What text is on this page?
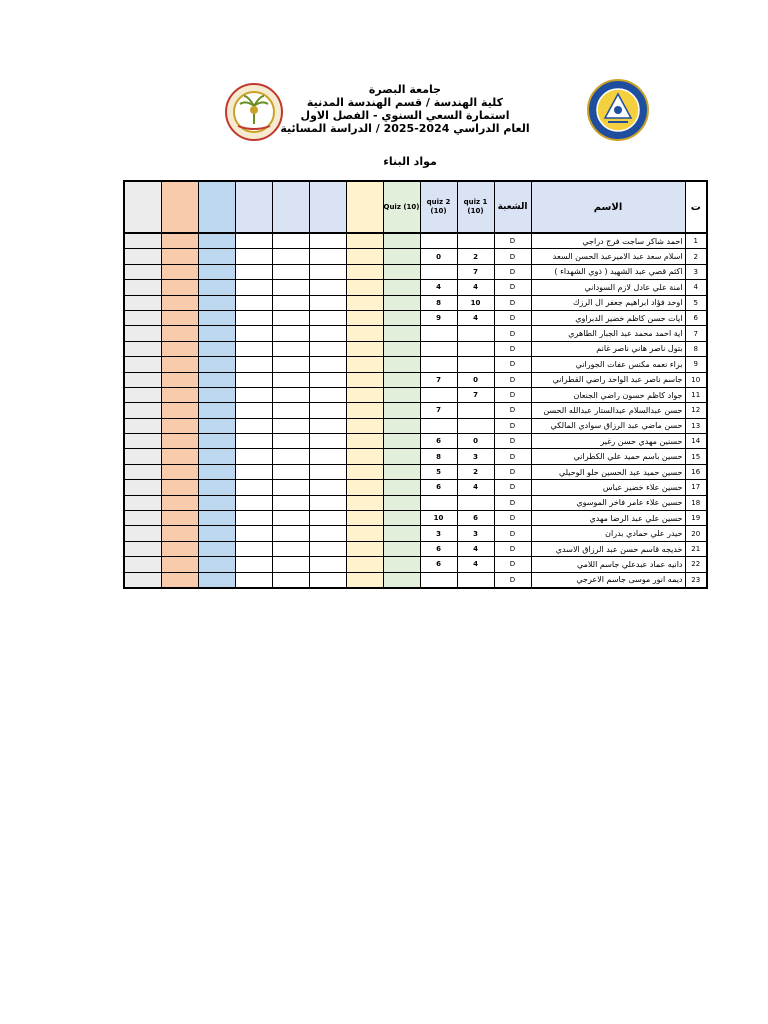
جامعة البصرة
كلية الهندسة / قسم الهندسة المدنية
استمارة السعي السنوي - الفصل الاول
العام الدراسي 2024-2025 / الدراسة المسائية
مواد البناء
							Quiz (10)	quiz 2 (10)	quiz 1 (10)	الشعبة	الاسم	ت
										D	احمد شاكر ساجت فرج دراجي	1
								0	2	D	اسلام سعد عبد الاميرعبد الحسن السعد	2
									7	D	اكثم قصي عبد الشهيد ( ذوي الشهداء )	3
								4	4	D	امنة علي عادل لازم السوداني	4
								8	10	D	اوحد فؤاد ابراهيم جعفر ال الرزك	5
								9	4	D	ايات حسن كاظم خضير الدبراوي	6
										D	اية احمد محمد عبد الجبار الطاهري	7
										D	بتول ناصر هاني ناصر غانم	8
										D	براء نعمه مكنس عفات الجوراني	9
								7	0	D	جاسم ناصر عبد الواحد راضي القطراني	10
									7	D	جواد كاظم حسون راضي الجنعان	11
								7		D	حسن عبدالسلام عبدالستار عبدالله الحسن	12
										D	حسن ماضي عبد الرزاق سوادي المالكي	13
								6	0	D	حسنين مهدي حسن رغير	14
								8	3	D	حسين باسم حميد علي الكطراني	15
								5	2	D	حسين حميد عبد الحسين حلو الوحيلي	16
								6	4	D	حسين علاء خضير عباس	17
										D	حسين علاء عامر فاخر الموسوي	18
								10	6	D	حسين علي عبد الرضا مهدي	19
								3	3	D	حيدر علي حمادي بدران	20
								6	4	D	خديجه قاسم حسن عبد الرزاق الاسدي	21
								6	4	D	دانيه عماد عبدعلي جاسم اللامي	22
										D	ديمه انور موسى جاسم الاعرجي	23
